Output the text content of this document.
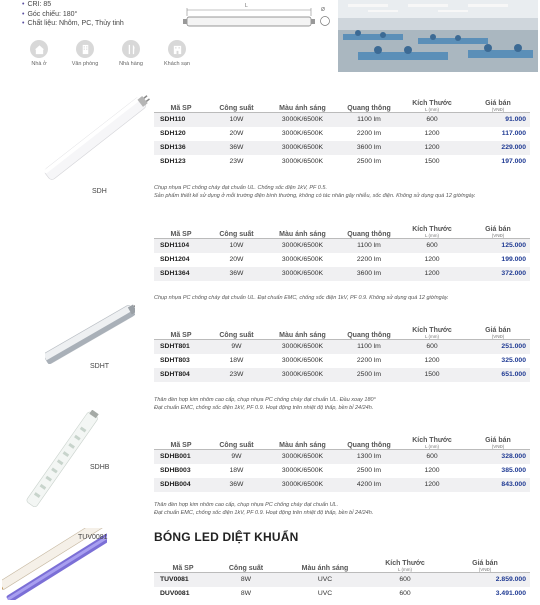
• CRI: 85
• Góc chiếu: 180°
• Chất liệu: Nhôm, PC, Thủy tinh
Nhà ở	Văn phòng	Nhà hàng	Khách sạn
L
Ø
SDH
Mã SP	Công suất	Màu ánh sáng	Quang thông	Kích Thước
L (mm)	Giá bán
(VNĐ)

SDH110	10W	3000K/6500K	1100 lm	600	91.000
SDH120	20W	3000K/6500K	2200 lm	1200	117.000
SDH136	36W	3000K/6500K	3600 lm	1200	229.000
SDH123	23W	3000K/6500K	2500 lm	1500	197.000
Chụp nhựa PC chống cháy đạt chuẩn UL. Chống sốc điện 1kV, PF 0.5.
Sản phẩm thiết kế sử dụng ở mỗi trường điện bình thường, không có tác nhân gây nhiễu, sốc điện. Không sử dụng quá 12 giờ/ngày.
Mã SP	Công suất	Màu ánh sáng	Quang thông	Kích Thước
L (mm)	Giá bán
(VNĐ)

SDH1104	10W	3000K/6500K	1100 lm	600	125.000
SDH1204	20W	3000K/6500K	2200 lm	1200	199.000
SDH1364	36W	3000K/6500K	3600 lm	1200	372.000
Chụp nhựa PC chống cháy đạt chuẩn UL. Đạt chuẩn EMC, chống sốc điện 1kV, PF 0.9. Không sử dụng quá 12 giờ/ngày.
SDHT
Mã SP	Công suất	Màu ánh sáng	Quang thông	Kích Thước
L (mm)	Giá bán
(VNĐ)

SDHT801	9W	3000K/6500K	1100 lm	600	251.000
SDHT803	18W	3000K/6500K	2200 lm	1200	325.000
SDHT804	23W	3000K/6500K	2500 lm	1500	651.000
Thân đèn hợp kim nhôm cao cấp, chụp nhựa PC chống cháy đạt chuẩn UL. Đầu xoay 180°
Đạt chuẩn EMC, chống sốc điện 1kV, PF 0.9. Hoạt động trên nhiệt độ thấp, bền bỉ 24/24h.
SDHB
Mã SP	Công suất	Màu ánh sáng	Quang thông	Kích Thước
L (mm)	Giá bán
(VNĐ)

SDHB001	9W	3000K/6500K	1300 lm	600	328.000
SDHB003	18W	3000K/6500K	2500 lm	1200	385.000
SDHB004	36W	3000K/6500K	4200 lm	1200	843.000
Thân đèn hợp kim nhôm cao cấp, chụp nhựa PC chống cháy đạt chuẩn UL.
Đạt chuẩn EMC, chống sốc điện 1kV, PF 0.9. Hoạt động trên nhiệt độ thấp, bền bỉ 24/24h.
BÓNG LED DIỆT KHUẨN
TUV0081
Mã SP	Công suất	Màu ánh sáng	Kích Thước
L (mm)	Giá bán
(VNĐ)

TUV0081	8W	UVC	600	2.859.000
DUV0081	8W	UVC	600	3.491.000
